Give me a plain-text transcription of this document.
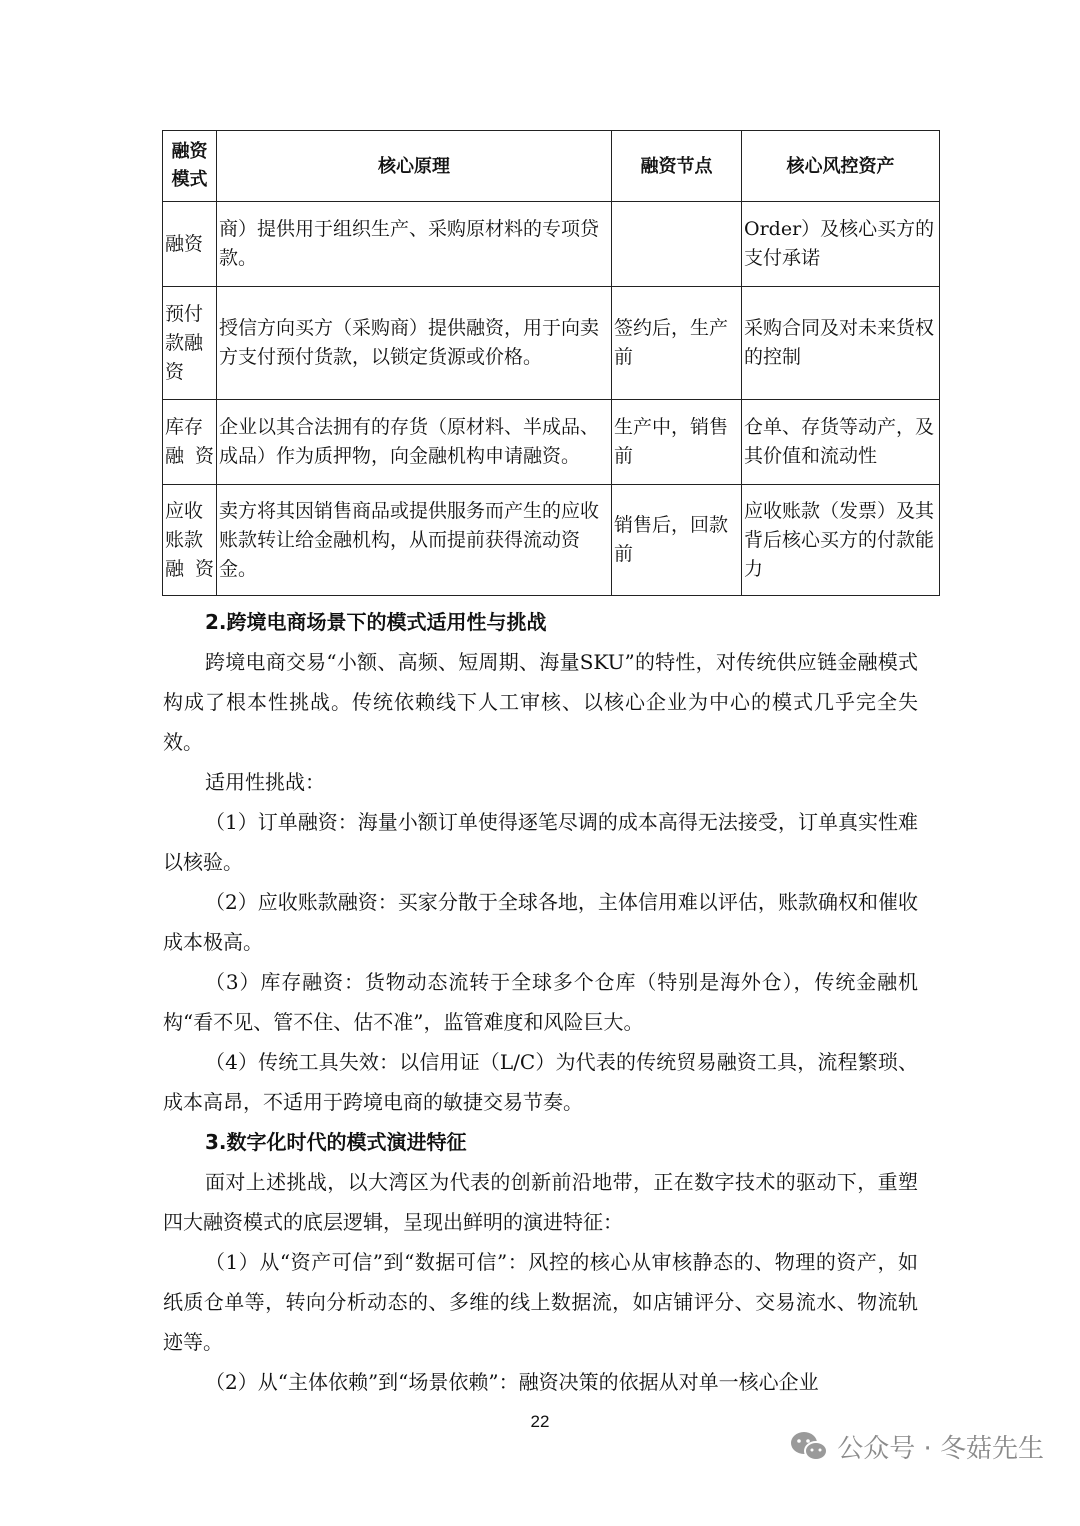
融资模式	核心原理	融资节点	核心风控资产
融资	商）提供用于组织生产、采购原材料的专项贷款。		Order）及核心买方的支付承诺
预付款融资	授信方向买方（采购商）提供融资，用于向卖方支付预付货款，以锁定货源或价格。	签约后，生产前	采购合同及对未来货权的控制
库存融资	企业以其合法拥有的存货（原材料、半成品、成品）作为质押物，向金融机构申请融资。	生产中，销售前	仓单、存货等动产，及其价值和流动性
应收账款融资	卖方将其因销售商品或提供服务而产生的应收账款转让给金融机构，从而提前获得流动资金。	销售后，回款前	应收账款（发票）及其背后核心买方的付款能力

2.跨境电商场景下的模式适用性与挑战

跨境电商交易“小额、高频、短周期、海量SKU”的特性，对传统供应链金融模式构成了根本性挑战。传统依赖线下人工审核、以核心企业为中心的模式几乎完全失效。

适用性挑战：

（1）订单融资：海量小额订单使得逐笔尽调的成本高得无法接受，订单真实性难以核验。

（2）应收账款融资：买家分散于全球各地，主体信用难以评估，账款确权和催收成本极高。

（3）库存融资：货物动态流转于全球多个仓库（特别是海外仓），传统金融机构“看不见、管不住、估不准”，监管难度和风险巨大。

（4）传统工具失效：以信用证（L/C）为代表的传统贸易融资工具，流程繁琐、成本高昂，不适用于跨境电商的敏捷交易节奏。

3.数字化时代的模式演进特征

面对上述挑战，以大湾区为代表的创新前沿地带，正在数字技术的驱动下，重塑四大融资模式的底层逻辑，呈现出鲜明的演进特征：

（1）从“资产可信”到“数据可信”：风控的核心从审核静态的、物理的资产，如纸质仓单等，转向分析动态的、多维的线上数据流，如店铺评分、交易流水、物流轨迹等。

（2）从“主体依赖”到“场景依赖”：融资决策的依据从对单一核心企业

22
公众号 · 冬菇先生
